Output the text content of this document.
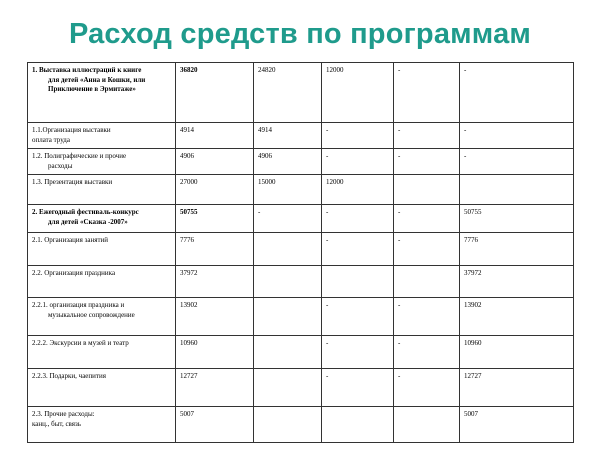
Расход средств по программам
1. Выставка иллюстраций к книге
для детей «Анна и Кошки, или Приключение в Эрмитаже»	36820	24820	12000	-	-
1.1.Организация выставки
оплата труда	4914	4914	-	-	-
1.2. Полиграфические и прочие
расходы	4906	4906	-	-	-
1.3. Презентация выставки	27000	15000	12000		
2. Ежегодный фестиваль-конкурс
для детей «Сказка -2007»	50755	-	-	-	50755
2.1. Организация занятий	7776		-	-	7776
2.2. Организация праздника	37972				37972
2.2.1. организация праздника и
музыкальное сопровождение	13902		-	-	13902
2.2.2. Экскурсии в музей и театр	10960		-	-	10960
2.2.3. Подарки, чаепития	12727		-	-	12727
2.3. Прочие расходы:
канц., быт, связь	5007				5007
